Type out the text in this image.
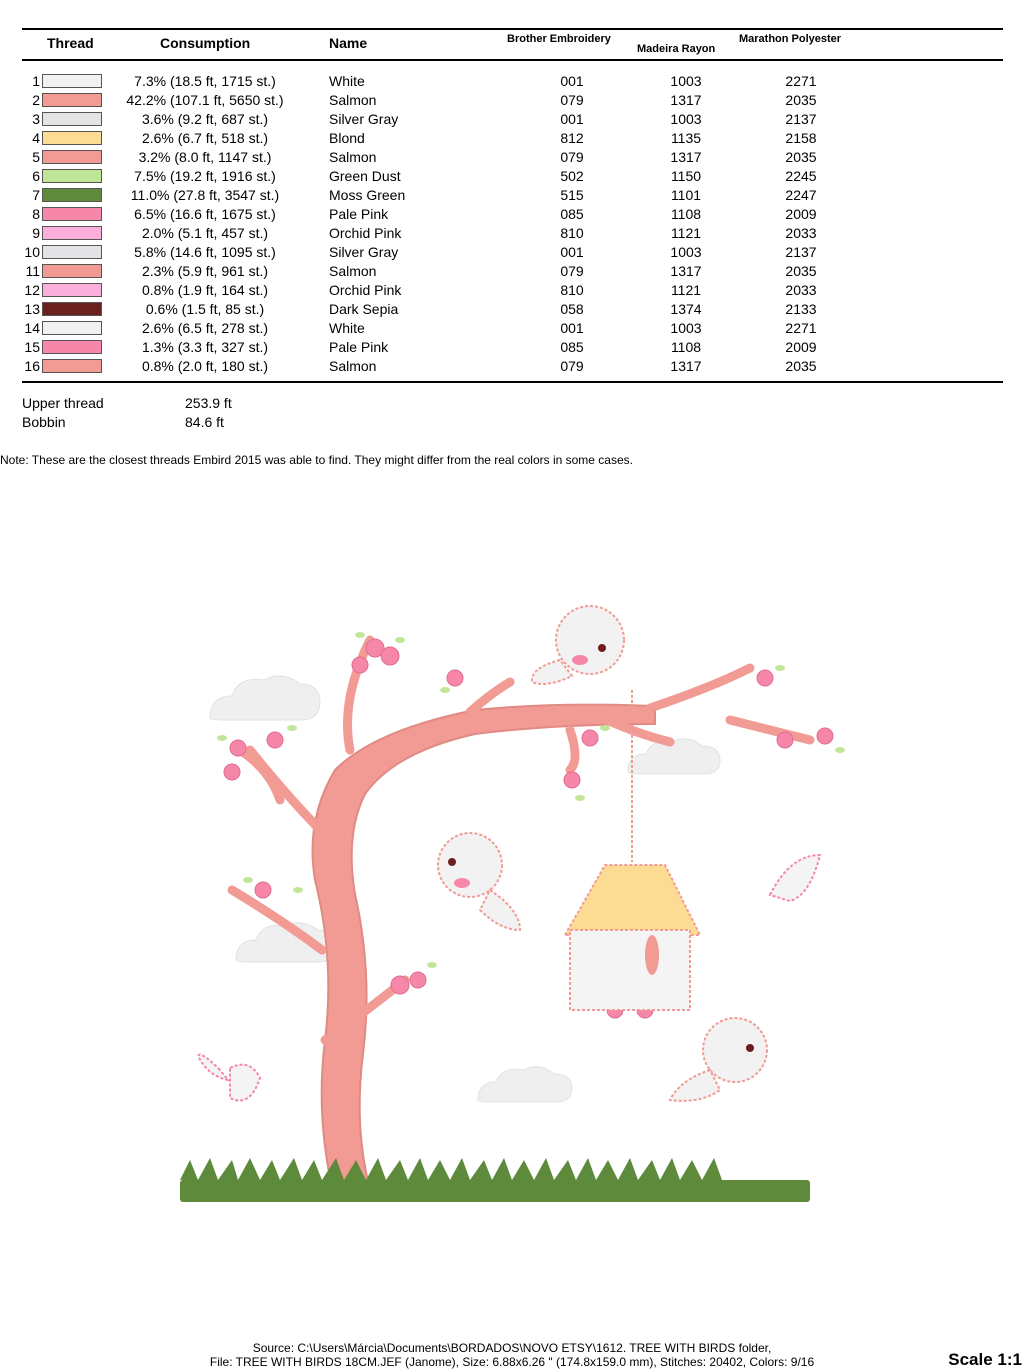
Thread	Consumption	Name	Brother Embroidery
Madeira Rayon
Marathon Polyester
1	7.3% (18.5 ft, 1715 st.)	White	001	1003	2271
2	42.2% (107.1 ft, 5650 st.)	Salmon	079	1317	2035
3	3.6% (9.2 ft, 687 st.)	Silver Gray	001	1003	2137
4	2.6% (6.7 ft, 518 st.)	Blond	812	1135	2158
5	3.2% (8.0 ft, 1147 st.)	Salmon	079	1317	2035
6	7.5% (19.2 ft, 1916 st.)	Green Dust	502	1150	2245
7	11.0% (27.8 ft, 3547 st.)	Moss Green	515	1101	2247
8	6.5% (16.6 ft, 1675 st.)	Pale Pink	085	1108	2009
9	2.0% (5.1 ft, 457 st.)	Orchid Pink	810	1121	2033
10	5.8% (14.6 ft, 1095 st.)	Silver Gray	001	1003	2137
11	2.3% (5.9 ft, 961 st.)	Salmon	079	1317	2035
12	0.8% (1.9 ft, 164 st.)	Orchid Pink	810	1121	2033
13	0.6% (1.5 ft, 85 st.)	Dark Sepia	058	1374	2133
14	2.6% (6.5 ft, 278 st.)	White	001	1003	2271
15	1.3% (3.3 ft, 327 st.)	Pale Pink	085	1108	2009
16	0.8% (2.0 ft, 180 st.)	Salmon	079	1317	2035
Upper thread	253.9 ft
Bobbin	84.6 ft
Note: These are the closest threads Embird 2015 was able to find. They might differ from the real colors in some cases.
Source: C:\Users\Márcia\Documents\BORDADOS\NOVO ETSY\1612. TREE WITH BIRDS folder,
File: TREE WITH BIRDS 18CM.JEF (Janome), Size: 6.88x6.26 " (174.8x159.0 mm), Stitches: 20402, Colors: 9/16	Scale 1:1
